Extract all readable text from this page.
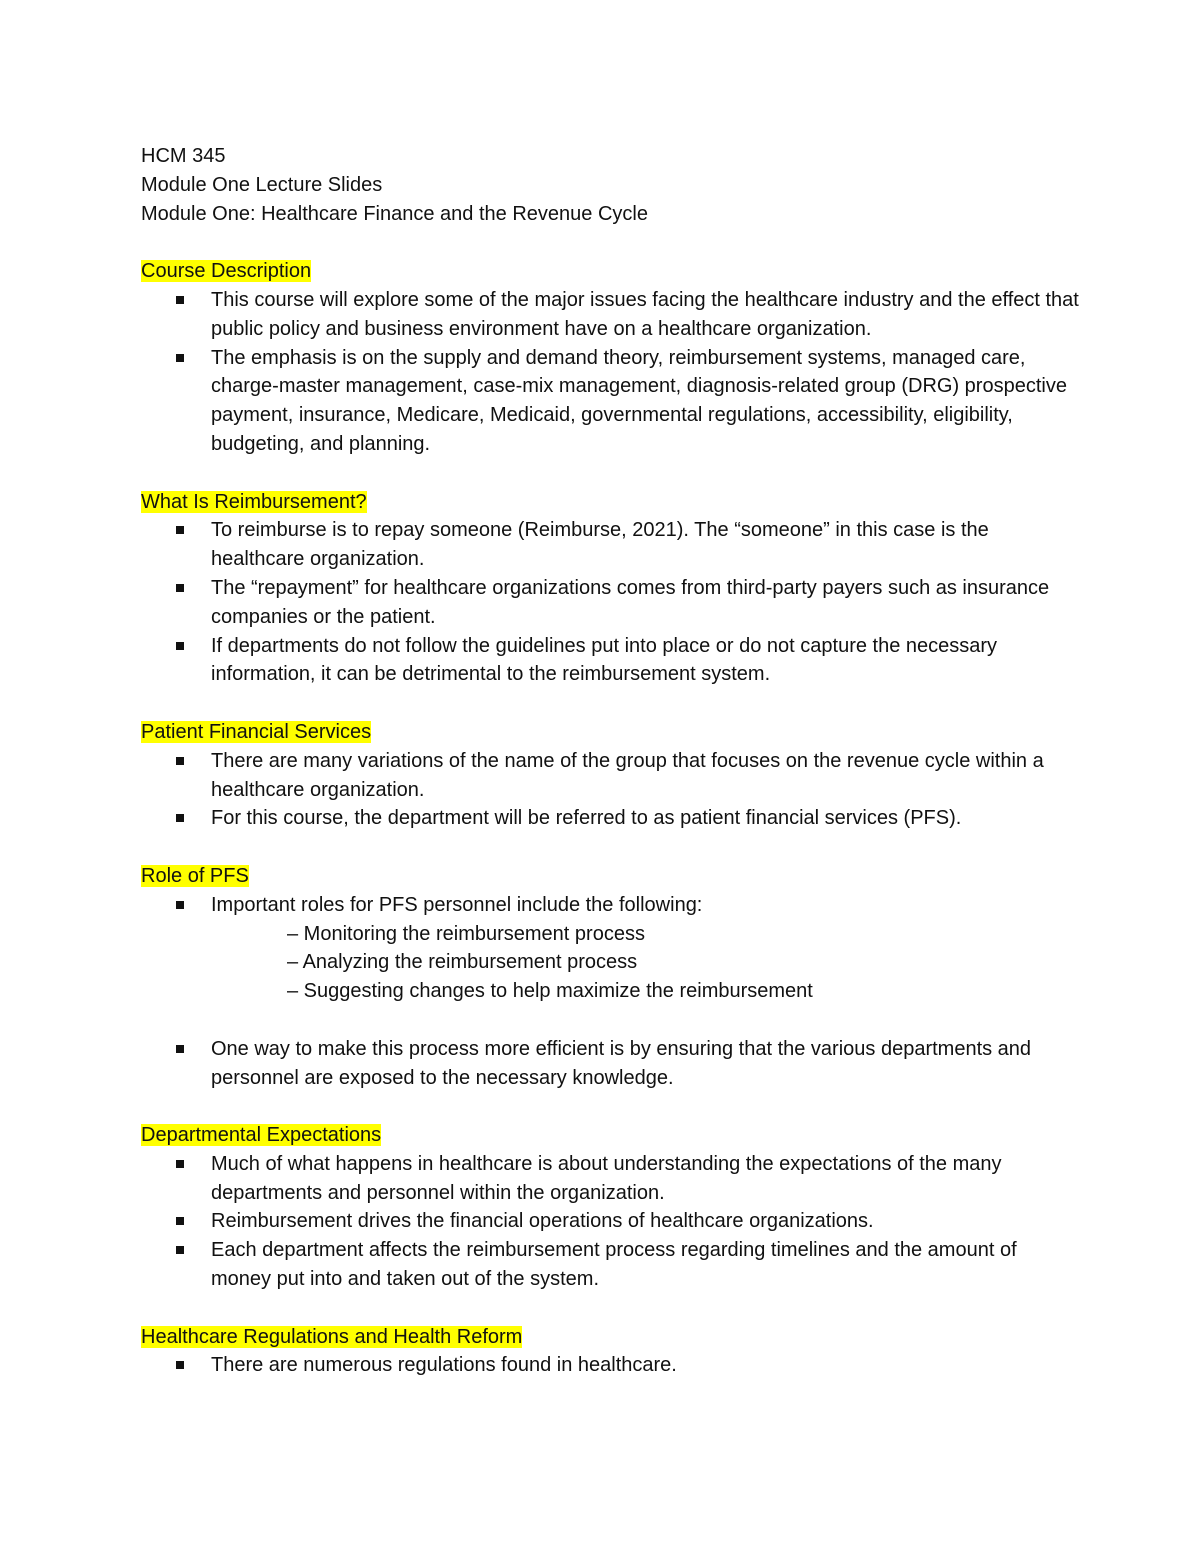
HCM 345

Module One Lecture Slides

Module One: Healthcare Finance and the Revenue Cycle

Course Description

This course will explore some of the major issues facing the healthcare industry and the effect that public policy and business environment have on a healthcare organization.
The emphasis is on the supply and demand theory, reimbursement systems, managed care, charge-master management, case-mix management, diagnosis-related group (DRG) prospective payment, insurance, Medicare, Medicaid, governmental regulations, accessibility, eligibility, budgeting, and planning.

What Is Reimbursement?

To reimburse is to repay someone (Reimburse, 2021). The “someone” in this case is the healthcare organization.
The “repayment” for healthcare organizations comes from third-party payers such as insurance companies or the patient.
If departments do not follow the guidelines put into place or do not capture the necessary information, it can be detrimental to the reimbursement system.

Patient Financial Services

There are many variations of the name of the group that focuses on the revenue cycle within a healthcare organization.
For this course, the department will be referred to as patient financial services (PFS).

Role of PFS

Important roles for PFS personnel include the following:
– Monitoring the reimbursement process
– Analyzing the reimbursement process
– Suggesting changes to help maximize the reimbursement
One way to make this process more efficient is by ensuring that the various departments and personnel are exposed to the necessary knowledge.

Departmental Expectations

Much of what happens in healthcare is about understanding the expectations of the many departments and personnel within the organization.
Reimbursement drives the financial operations of healthcare organizations.
Each department affects the reimbursement process regarding timelines and the amount of money put into and taken out of the system.

Healthcare Regulations and Health Reform

There are numerous regulations found in healthcare.
